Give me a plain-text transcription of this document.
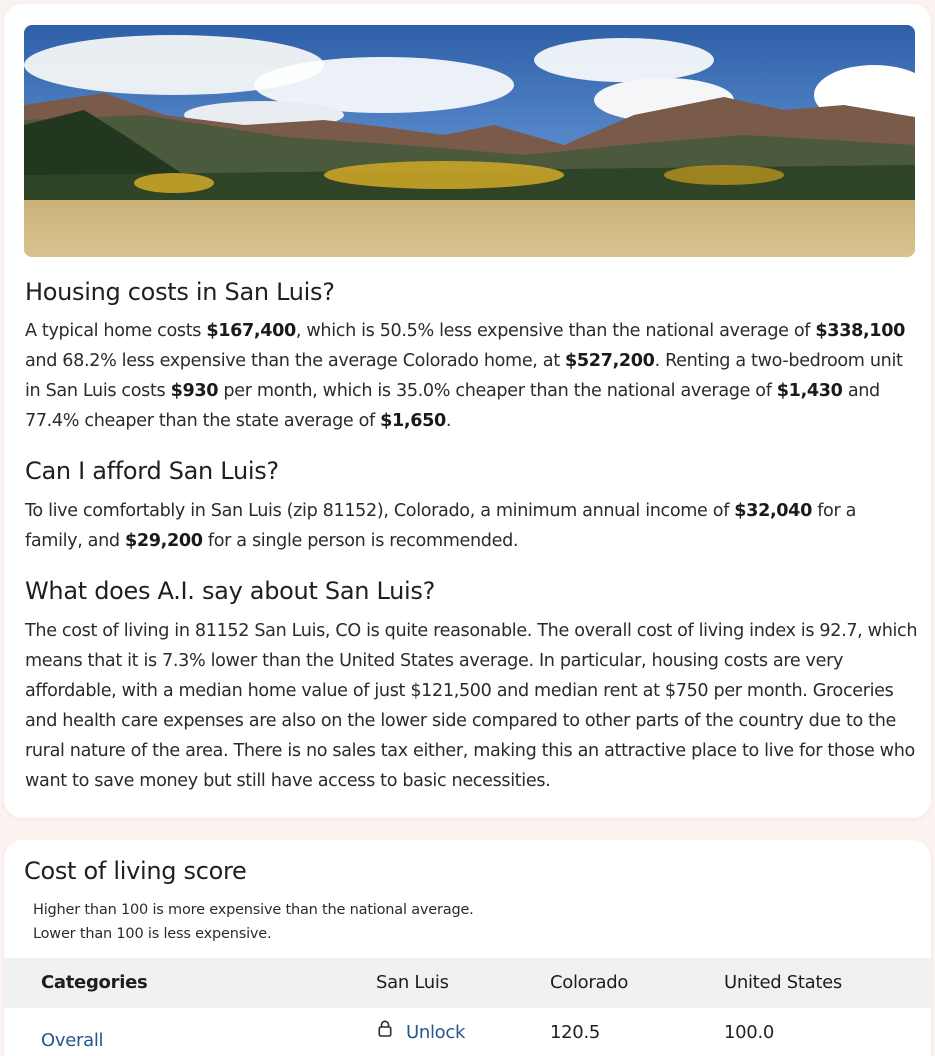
Housing costs in San Luis?
A typical home costs $167,400, which is 50.5% less expensive than the national average of $338,100 and 68.2% less expensive than the average Colorado home, at $527,200. Renting a two-bedroom unit in San Luis costs $930 per month, which is 35.0% cheaper than the national average of $1,430 and 77.4% cheaper than the state average of $1,650.
Can I afford San Luis?
To live comfortably in San Luis (zip 81152), Colorado, a minimum annual income of $32,040 for a family, and $29,200 for a single person is recommended.
What does A.I. say about San Luis?
The cost of living in 81152 San Luis, CO is quite reasonable. The overall cost of living index is 92.7, which means that it is 7.3% lower than the United States average. In particular, housing costs are very affordable, with a median home value of just $121,500 and median rent at $750 per month. Groceries and health care expenses are also on the lower side compared to other parts of the country due to the rural nature of the area. There is no sales tax either, making this an attractive place to live for those who want to save money but still have access to basic necessities.
Cost of living score
Higher than 100 is more expensive than the national average.
Lower than 100 is less expensive.
Categories	San Luis	Colorado	United States
Overall	Unlock	120.5	100.0
